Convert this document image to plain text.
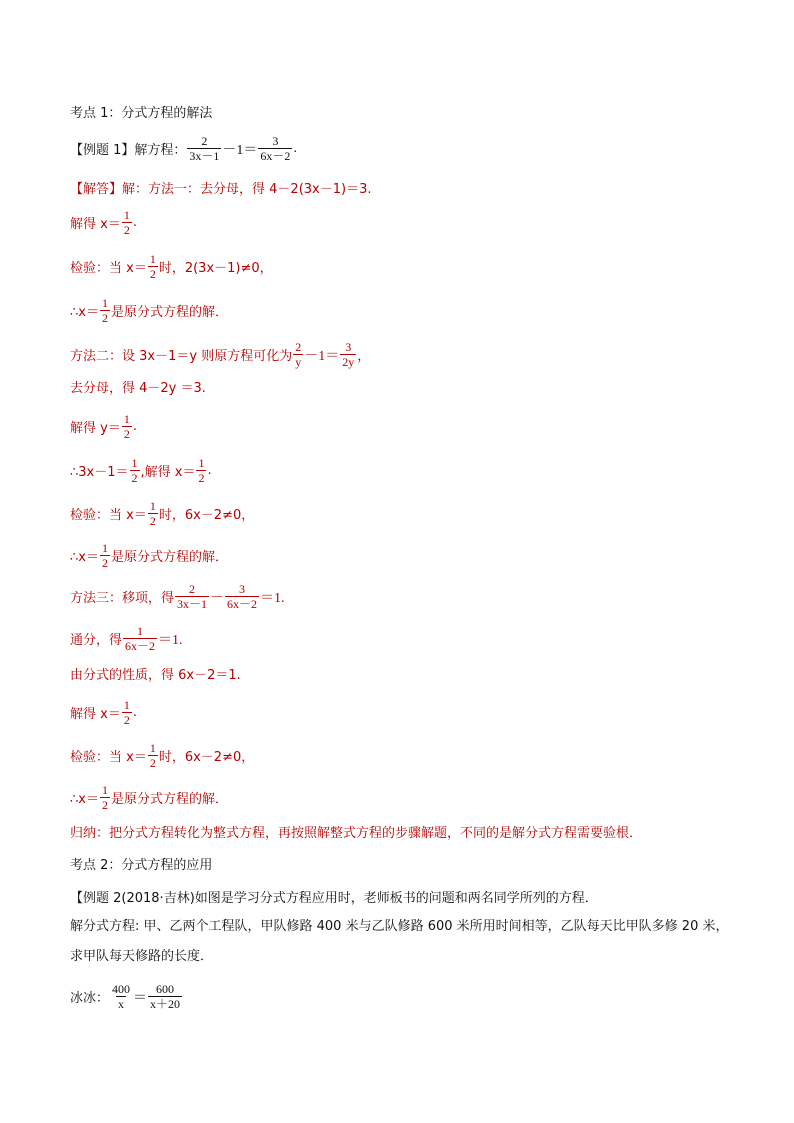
考点 1：分式方程的解法
【例题 1】解方程： $\frac{2}{3x-1} -1= \frac{3}{6x-2}$ .
【解答】 解：方法一：去分母，得 4－2(3x－1)＝3.
解得 $x= \frac{1}{2}$ .
检验：当 $x= \frac{1}{2}$ 时，2(3x－1)≠0，
∴x＝ $\frac{1}{2}$ 是原分式方程的解．
方法二：设 3x－1＝y 则原方程可化为 $\frac{2}{y} -1= \frac{3}{2y}$ ，
去分母，得 4－2y ＝3.
解得 $y= \frac{1}{2}$ .
∴3x－1＝ $\frac{1}{2}$ ,解得 $x= \frac{1}{2}$ .
检验：当 $x= \frac{1}{2}$ 时，6x－2≠0，
∴x＝ $\frac{1}{2}$ 是原分式方程的解．
方法三：移项，得 $\frac{2}{3x-1} - \frac{3}{6x-2} =1$.
通分，得 $\frac{1}{6x-2} =1$.
由分式的性质，得 6x－2＝1.
解得 $x= \frac{1}{2}$ .
检验：当 $x= \frac{1}{2}$ 时，6x－2≠0，
∴x＝ $\frac{1}{2}$ 是原分式方程的解．
归纳：把分式方程转化为整式方程，再按照解整式方程的步骤解题，不同的是解分式方程需要验根．
考点 2：分式方程的应用
【例题 2(2018·吉林)如图是学习分式方程应用时，老师板书的问题和两名同学所列的方程．
解分式方程: 甲、乙两个工程队，甲队修路 400 米与乙队修路 600 米所用时间相等，乙队每天比甲队多修 20 米，求甲队每天修路的长度．
冰冰： $\frac{400}{x} = \frac{600}{x+20}$
